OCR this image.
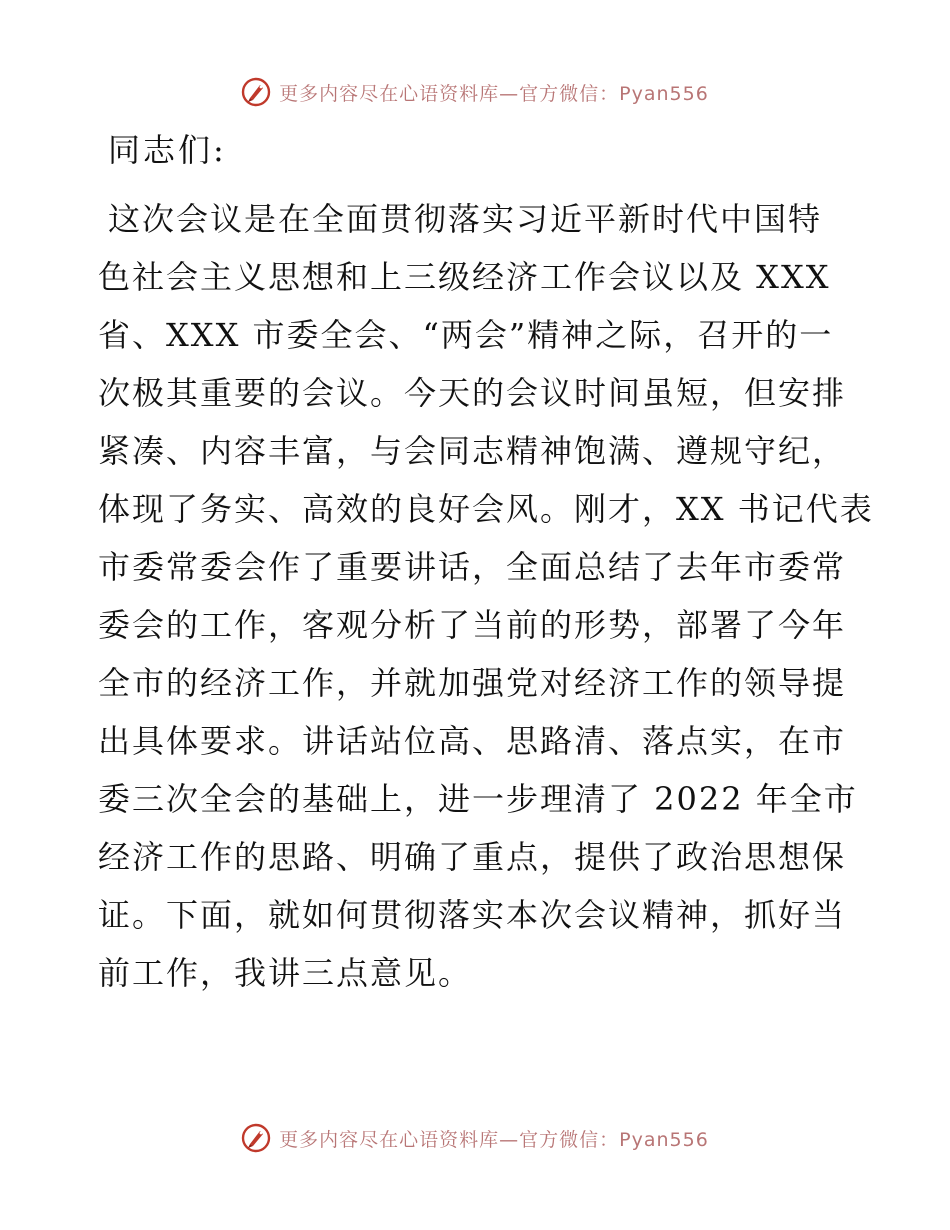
更多内容尽在心语资料库—官方微信：Pyan556
同志们:
这次会议是在全面贯彻落实习近平新时代中国特
色社会主义思想和上三级经济工作会议以及 XXX
省、XXX 市委全会、“两会”精神之际，召开的一
次极其重要的会议。今天的会议时间虽短，但安排
紧凑、内容丰富，与会同志精神饱满、遵规守纪，
体现了务实、高效的良好会风。刚才，XX 书记代表
市委常委会作了重要讲话，全面总结了去年市委常
委会的工作，客观分析了当前的形势，部署了今年
全市的经济工作，并就加强党对经济工作的领导提
出具体要求。讲话站位高、思路清、落点实，在市
委三次全会的基础上，进一步理清了 2022 年全市
经济工作的思路、明确了重点，提供了政治思想保
证。下面，就如何贯彻落实本次会议精神，抓好当
前工作，我讲三点意见。
更多内容尽在心语资料库—官方微信：Pyan556
